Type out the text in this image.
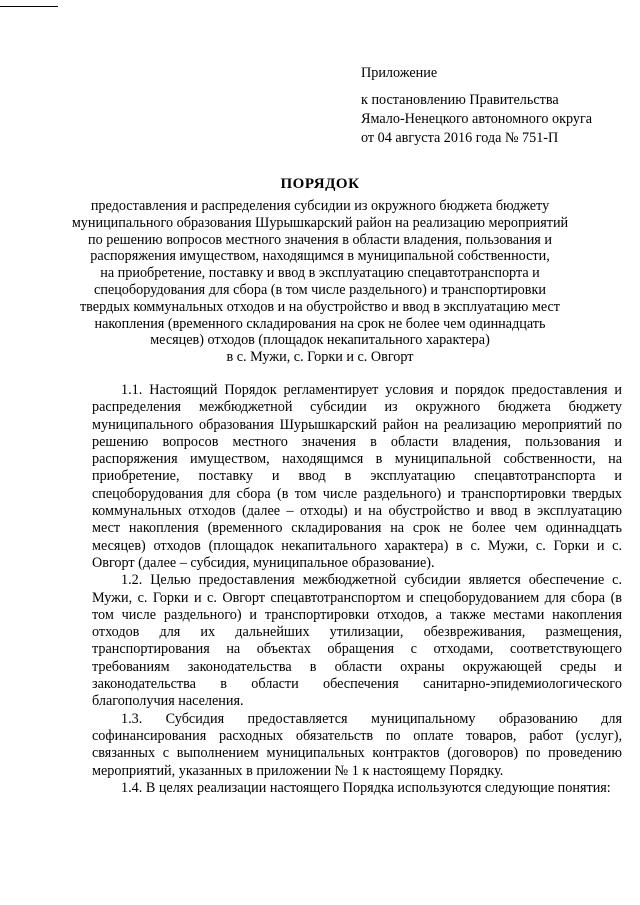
Приложение
к постановлению Правительства
Ямало-Ненецкого автономного округа
от 04 августа 2016 года № 751-П
ПОРЯДОК
предоставления и распределения субсидии из окружного бюджета бюджету
муниципального образования Шурышкарский район на реализацию мероприятий
по решению вопросов местного значения в области владения, пользования и
распоряжения имуществом, находящимся в муниципальной собственности,
на приобретение, поставку и ввод в эксплуатацию спецавтотранспорта и
спецоборудования для сбора (в том числе раздельного) и транспортировки
твердых коммунальных отходов и на обустройство и ввод в эксплуатацию мест
накопления (временного складирования на срок не более чем одиннадцать
месяцев) отходов (площадок некапитального характера)
в с. Мужи, с. Горки и с. Овгорт

1.1. Настоящий Порядок регламентирует условия и порядок предоставления и распределения межбюджетной субсидии из окружного бюджета бюджету муниципального образования Шурышкарский район на реализацию мероприятий по решению вопросов местного значения в области владения, пользования и распоряжения имуществом, находящимся в муниципальной собственности, на приобретение, поставку и ввод в эксплуатацию спецавтотранспорта и спецоборудования для сбора (в том числе раздельного) и транспортировки твердых коммунальных отходов (далее – отходы) и на обустройство и ввод в эксплуатацию мест накопления (временного складирования на срок не более чем одиннадцать месяцев) отходов (площадок некапитального характера) в с. Мужи, с. Горки и с. Овгорт (далее – субсидия, муниципальное образование).

1.2. Целью предоставления межбюджетной субсидии является обеспечение с. Мужи, с. Горки и с. Овгорт спецавтотранспортом и спецоборудованием для сбора (в том числе раздельного) и транспортировки отходов, а также местами накопления отходов для их дальнейших утилизации, обезвреживания, размещения, транспортирования на объектах обращения с отходами, соответствующего требованиям законодательства в области охраны окружающей среды и законодательства в области обеспечения санитарно-эпидемиологического благополучия населения.

1.3. Субсидия предоставляется муниципальному образованию для софинансирования расходных обязательств по оплате товаров, работ (услуг), связанных с выполнением муниципальных контрактов (договоров) по проведению мероприятий, указанных в приложении № 1 к настоящему Порядку.

1.4. В целях реализации настоящего Порядка используются следующие понятия:
